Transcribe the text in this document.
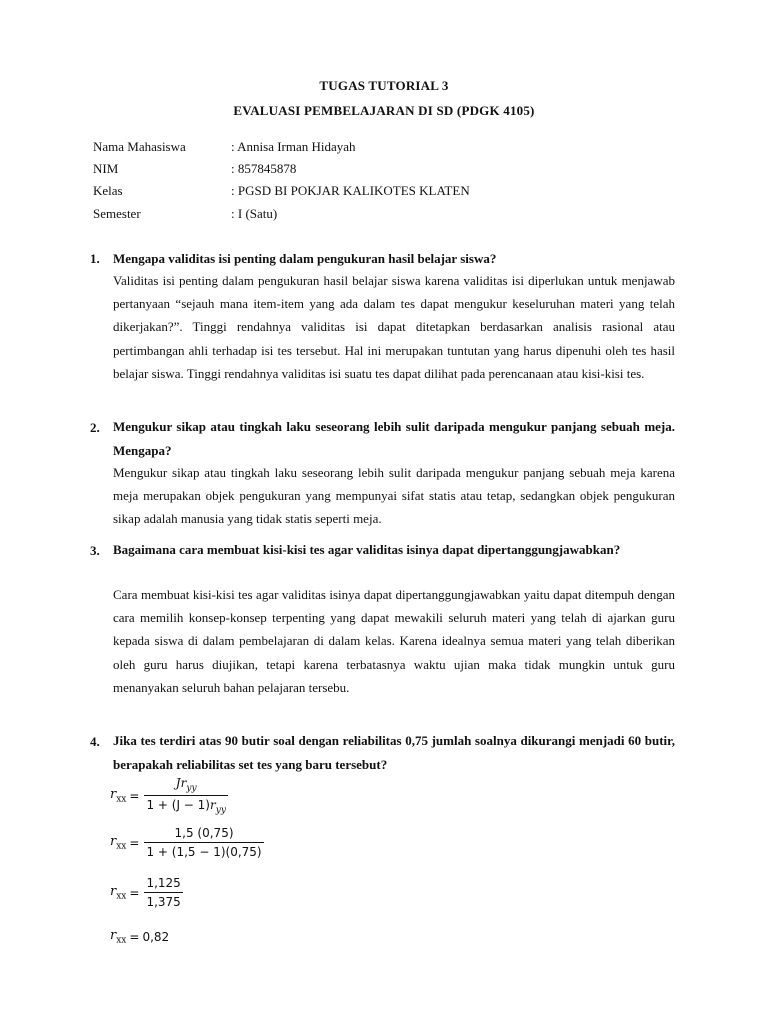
TUGAS TUTORIAL 3
EVALUASI PEMBELAJARAN DI SD (PDGK 4105)
Nama Mahasiswa	: Annisa Irman Hidayah
NIM	: 857845878
Kelas	: PGSD BI POKJAR KALIKOTES KLATEN
Semester	: I (Satu)
1. Mengapa validitas isi penting dalam pengukuran hasil belajar siswa?
Validitas isi penting dalam pengukuran hasil belajar siswa karena validitas isi diperlukan untuk menjawab pertanyaan “sejauh mana item-item yang ada dalam tes dapat mengukur keseluruhan materi yang telah dikerjakan?”. Tinggi rendahnya validitas isi dapat ditetapkan berdasarkan analisis rasional atau pertimbangan ahli terhadap isi tes tersebut. Hal ini merupakan tuntutan yang harus dipenuhi oleh tes hasil belajar siswa. Tinggi rendahnya validitas isi suatu tes dapat dilihat pada perencanaan atau kisi-kisi tes.
2. Mengukur sikap atau tingkah laku seseorang lebih sulit daripada mengukur panjang sebuah meja. Mengapa?
Mengukur sikap atau tingkah laku seseorang lebih sulit daripada mengukur panjang sebuah meja karena meja merupakan objek pengukuran yang mempunyai sifat statis atau tetap, sedangkan objek pengukuran sikap adalah manusia yang tidak statis seperti meja.
3. Bagaimana cara membuat kisi-kisi tes agar validitas isinya dapat dipertanggungjawabkan?
Cara membuat kisi-kisi tes agar validitas isinya dapat dipertanggungjawabkan yaitu dapat ditempuh dengan cara memilih konsep-konsep terpenting yang dapat mewakili seluruh materi yang telah di ajarkan guru kepada siswa di dalam pembelajaran di dalam kelas. Karena idealnya semua materi yang telah diberikan oleh guru harus diujikan, tetapi karena terbatasnya waktu ujian maka tidak mungkin untuk guru menanyakan seluruh bahan pelajaran tersebu.
4. Jika tes terdiri atas 90 butir soal dengan reliabilitas 0,75 jumlah soalnya dikurangi menjadi 60 butir, berapakah reliabilitas set tes yang baru tersebut?
$r_{xx} = \frac{Jr_{yy}}{1 + (J - 1)r_{yy}}$
$r_{xx} = \frac{1,5 (0,75)}{1 + (1,5 - 1)(0,75)}$
$r_{xx} = \frac{1,125}{1,375}$
$r_{xx} = 0,82$
